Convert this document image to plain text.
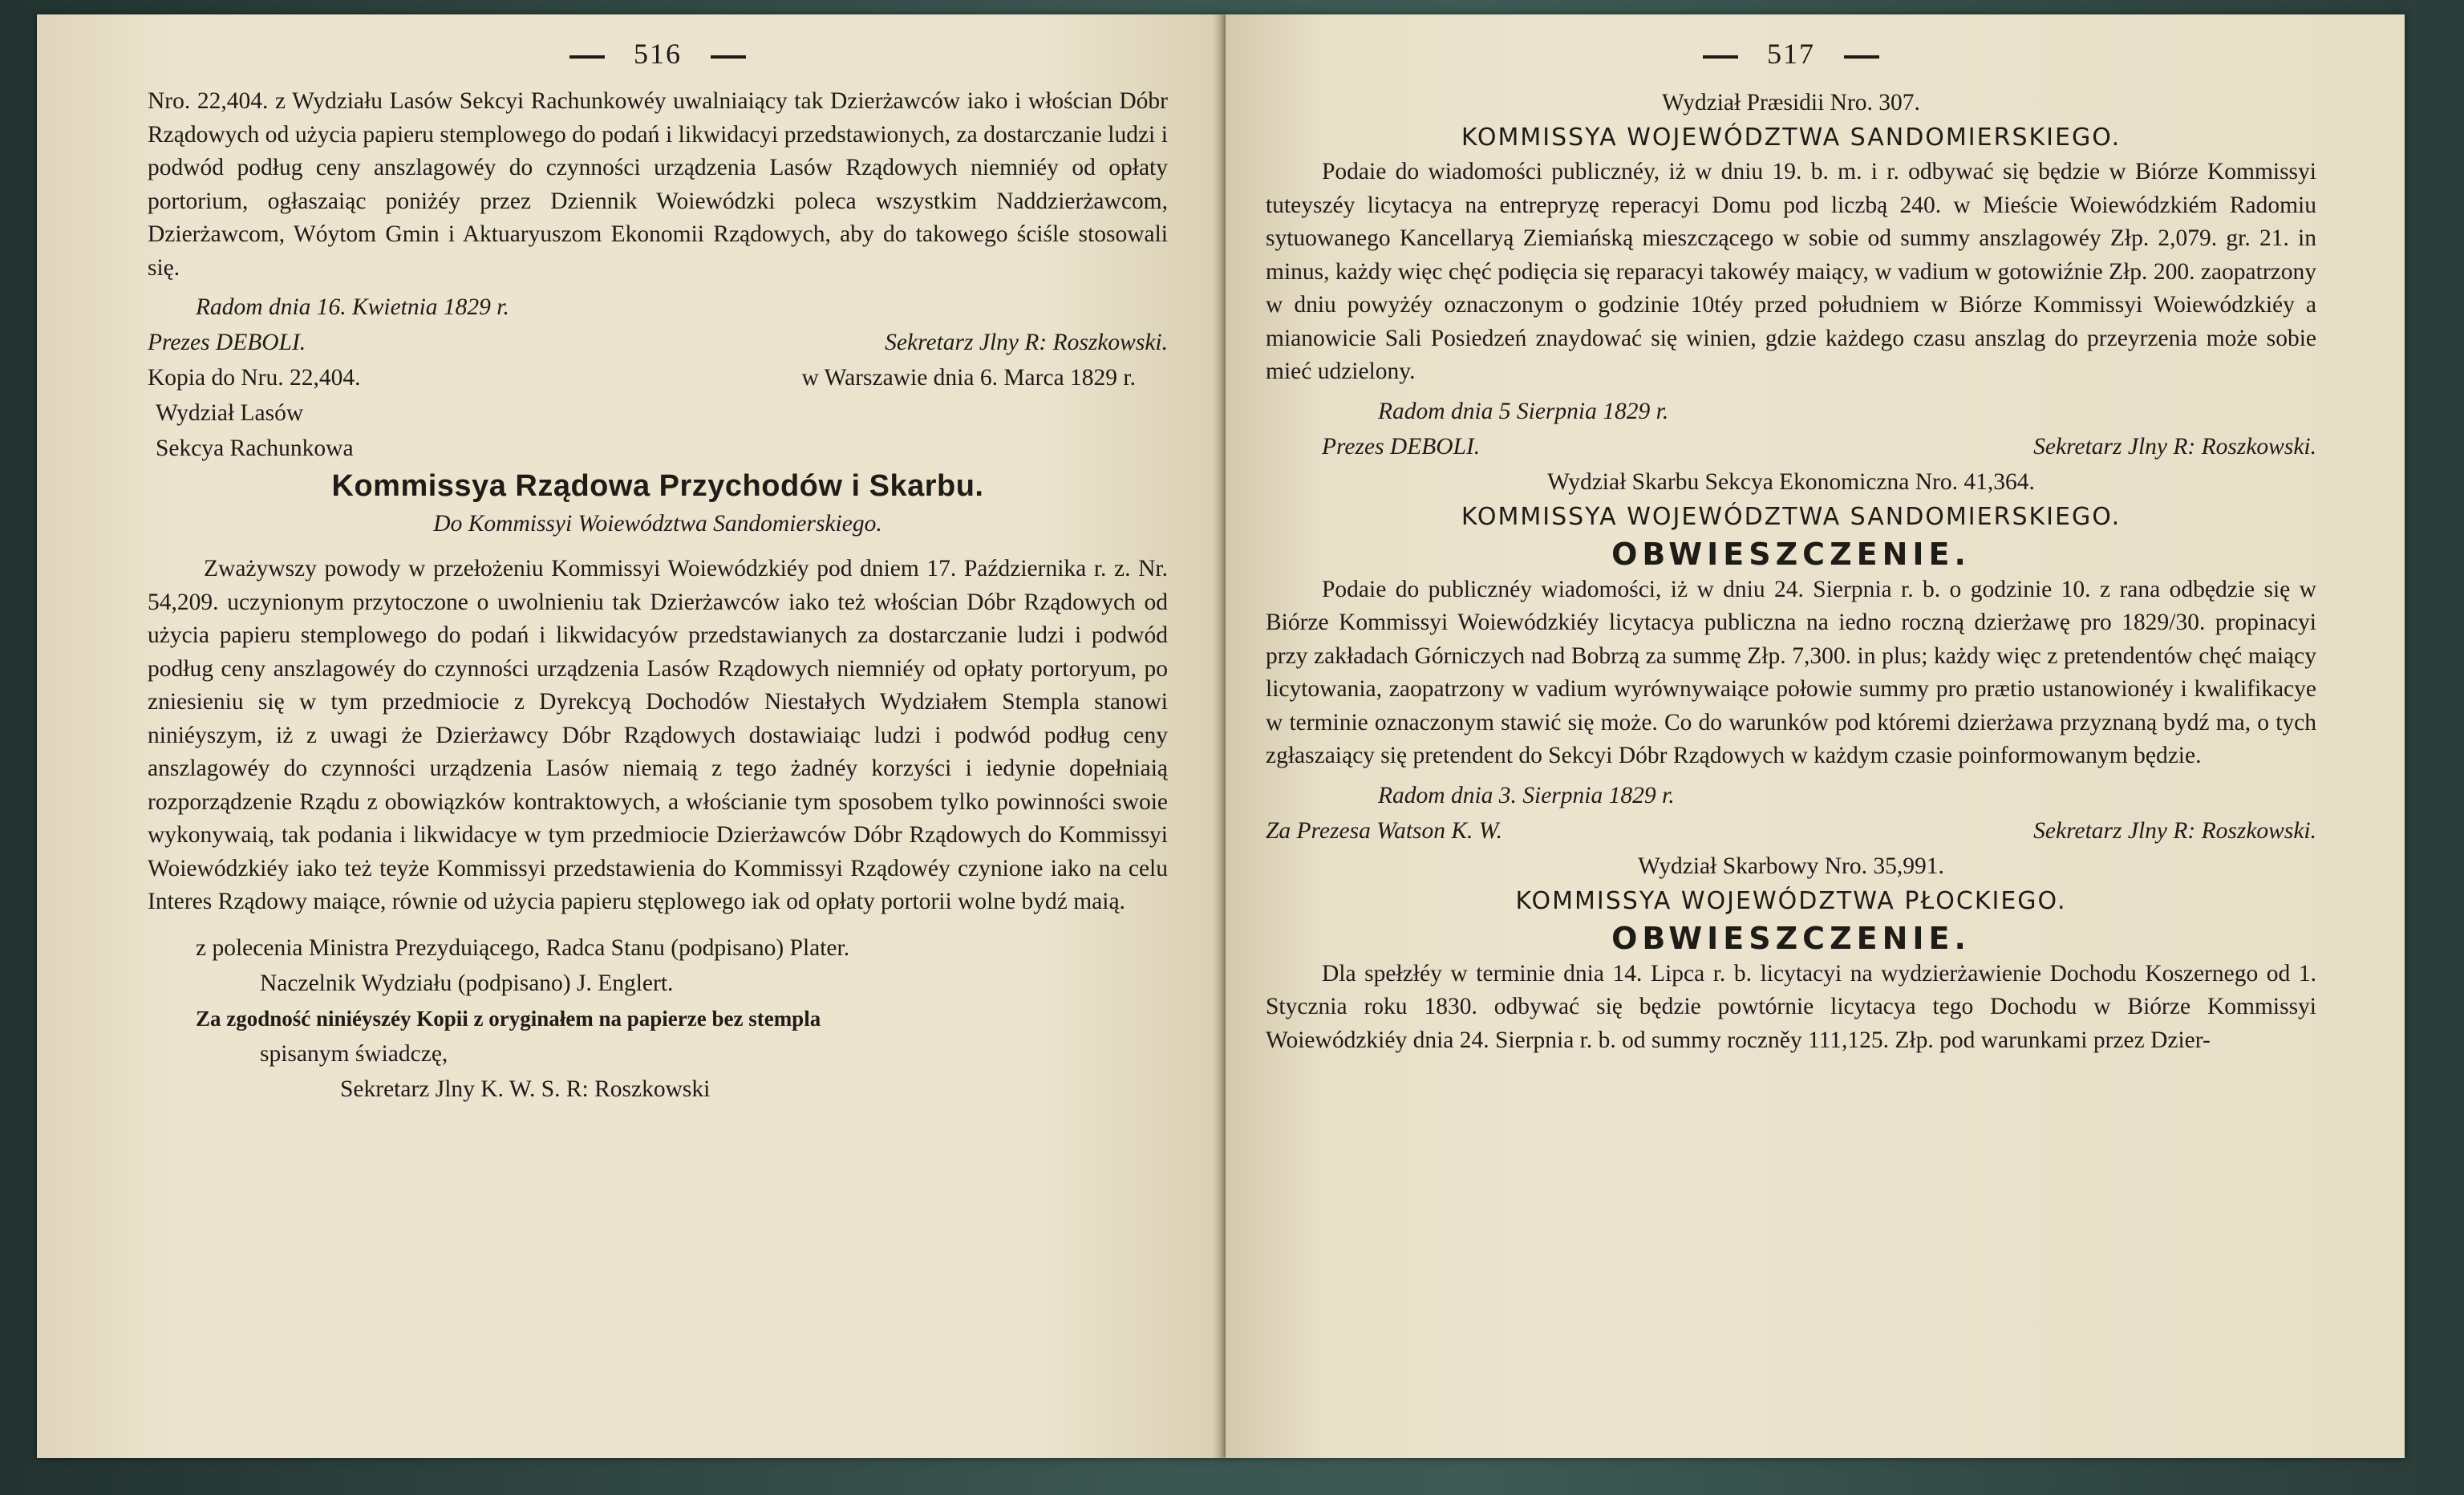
516

Nro. 22,404. z Wydziału Lasów Sekcyi Rachunkowéy uwalniaiący tak Dzierżawców iako i włościan Dóbr Rządowych od użycia papieru stemplowego do podań i likwidacyi przedstawionych, za dostarczanie ludzi i podwód podług ceny anszlagowéy do czynności urządzenia Lasów Rządowych niemniéy od opłaty portorium, ogłaszaiąc poniżéy przez Dziennik Woiewódzki poleca wszystkim Naddzierżawcom, Dzierżawcom, Wóytom Gmin i Aktuaryuszom Ekonomii Rządowych, aby do takowego ściśle stosowali się.

Radom dnia 16. Kwietnia 1829 r.

Prezes DEBOLI.	Sekretarz Jlny R: Roszkowski.
Kopia do Nru. 22,404.	w Warszawie dnia 6. Marca 1829 r.

Wydział Lasów

Sekcya Rachunkowa

Kommissya Rządowa Przychodów i Skarbu.

Do Kommissyi Woiewództwa Sandomierskiego.

Zważywszy powody w przełożeniu Kommissyi Woiewódzkiéy pod dniem 17. Października r. z. Nr. 54,209. uczynionym przytoczone o uwolnieniu tak Dzierżawców iako też włościan Dóbr Rządowych od użycia papieru stemplowego do podań i likwidacyów przedstawianych za dostarczanie ludzi i podwód podług ceny anszlagowéy do czynności urządzenia Lasów Rządowych niemniéy od opłaty portoryum, po zniesieniu się w tym przedmiocie z Dyrekcyą Dochodów Niestałych Wydziałem Stempla stanowi niniéyszym, iż z uwagi że Dzierżawcy Dóbr Rządowych dostawiaiąc ludzi i podwód podług ceny anszlagowéy do czynności urządzenia Lasów niemaią z tego żadnéy korzyści i iedynie dopełniaią rozporządzenie Rządu z obowiązków kontraktowych, a włościanie tym sposobem tylko powinności swoie wykonywaią, tak podania i likwidacye w tym przedmiocie Dzierżawców Dóbr Rządowych do Kommissyi Woiewódzkiéy iako też teyże Kommissyi przedstawienia do Kommissyi Rządowéy czynione iako na celu Interes Rządowy maiące, równie od użycia papieru stęplowego iak od opłaty portorii wolne bydź maią.

z polecenia Ministra Prezyduiącego, Radca Stanu (podpisano) Plater.

Naczelnik Wydziału (podpisano) J. Englert.

Za zgodność niniéyszéy Kopii z oryginałem na papierze bez stempla

spisanym świadczę,

Sekretarz Jlny K. W. S. R: Roszkowski

517

Wydział Præsidii Nro. 307.

KOMMISSYA WOJEWÓDZTWA SANDOMIERSKIEGO.

Podaie do wiadomości publicznéy, iż w dniu 19. b. m. i r. odbywać się będzie w Biórze Kommissyi tuteyszéy licytacya na entrepryzę reperacyi Domu pod liczbą 240. w Mieście Woiewódzkiém Radomiu sytuowanego Kancellaryą Ziemiańską mieszczącego w sobie od summy anszlagowéy Złp. 2,079. gr. 21. in minus, każdy więc chęć podięcia się reparacyi takowéy maiący, w vadium w gotowiźnie Złp. 200. zaopatrzony w dniu powyżéy oznaczonym o godzinie 10téy przed południem w Biórze Kommissyi Woiewódzkiéy a mianowicie Sali Posiedzeń znaydować się winien, gdzie każdego czasu anszlag do przeyrzenia może sobie mieć udzielony.

Radom dnia 5 Sierpnia 1829 r.

Prezes DEBOLI.	Sekretarz Jlny R: Roszkowski.

Wydział Skarbu Sekcya Ekonomiczna Nro. 41,364.

KOMMISSYA WOJEWÓDZTWA SANDOMIERSKIEGO.

OBWIESZCZENIE.

Podaie do publicznéy wiadomości, iż w dniu 24. Sierpnia r. b. o godzinie 10. z rana odbędzie się w Biórze Kommissyi Woiewódzkiéy licytacya publiczna na iedno roczną dzierżawę pro 1829/30. propinacyi przy zakładach Górniczych nad Bobrzą za summę Złp. 7,300. in plus; każdy więc z pretendentów chęć maiący licytowania, zaopatrzony w vadium wyrównywaiące połowie summy pro prætio ustanowionéy i kwalifikacye w terminie oznaczonym stawić się może. Co do warunków pod któremi dzierżawa przyznaną bydź ma, o tych zgłaszaiący się pretendent do Sekcyi Dóbr Rządowych w każdym czasie poinformowanym będzie.

Radom dnia 3. Sierpnia 1829 r.

Za Prezesa Watson K. W.	Sekretarz Jlny R: Roszkowski.

Wydział Skarbowy Nro. 35,991.

KOMMISSYA WOJEWÓDZTWA PŁOCKIEGO.

OBWIESZCZENIE.

Dla spełzłéy w terminie dnia 14. Lipca r. b. licytacyi na wydzierżawienie Dochodu Koszernego od 1. Stycznia roku 1830. odbywać się będzie powtórnie licytacya tego Dochodu w Biórze Kommissyi Woiewódzkiéy dnia 24. Sierpnia r. b. od summy roczněy 111,125. Złp. pod warunkami przez Dzier-
